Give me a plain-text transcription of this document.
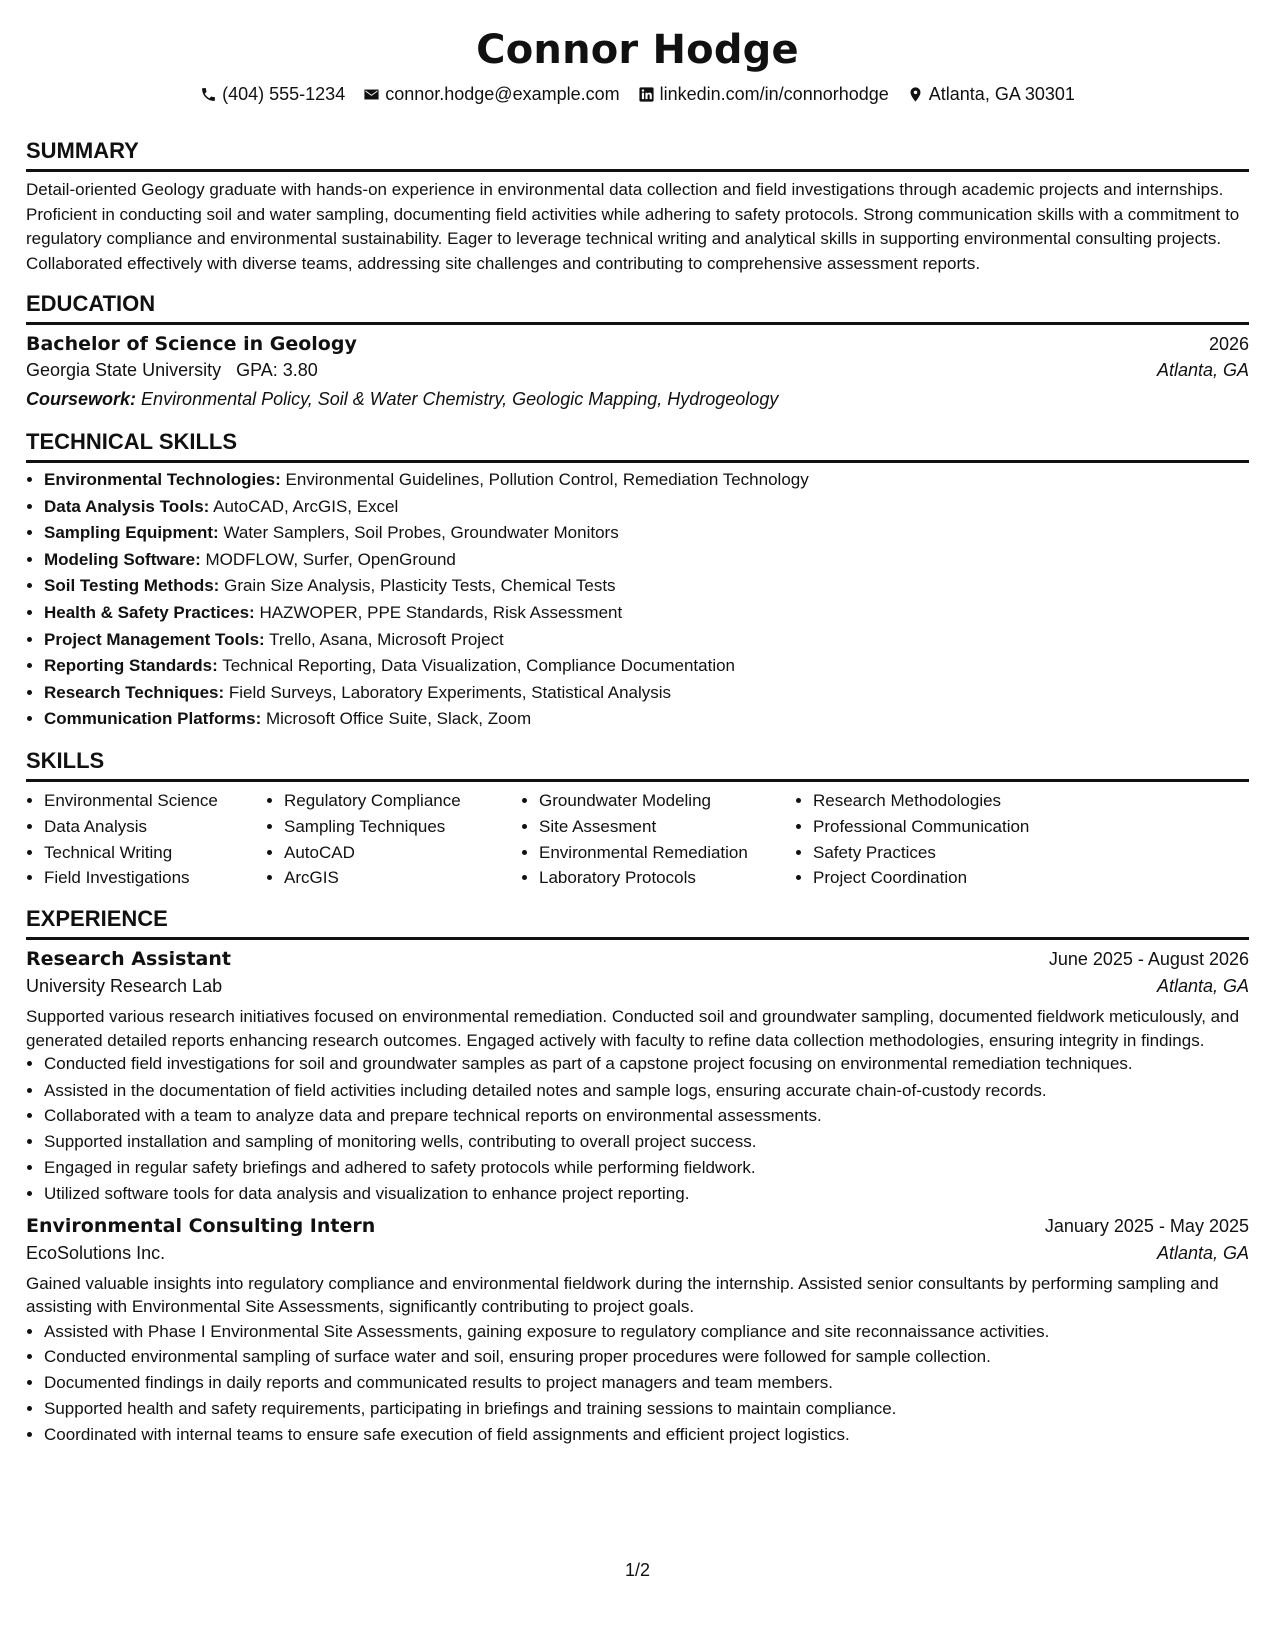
Connor Hodge
(404) 555-1234 connor.hodge@example.com linkedin.com/in/connorhodge Atlanta, GA 30301
SUMMARY
Detail-oriented Geology graduate with hands-on experience in environmental data collection and field investigations through academic projects and internships. Proficient in conducting soil and water sampling, documenting field activities while adhering to safety protocols. Strong communication skills with a commitment to regulatory compliance and environmental sustainability. Eager to leverage technical writing and analytical skills in supporting environmental consulting projects. Collaborated effectively with diverse teams, addressing site challenges and contributing to comprehensive assessment reports.
EDUCATION
Bachelor of Science in Geology	2026
Georgia State University GPA: 3.80	Atlanta, GA
Coursework: Environmental Policy, Soil & Water Chemistry, Geologic Mapping, Hydrogeology
TECHNICAL SKILLS
• Environmental Technologies: Environmental Guidelines, Pollution Control, Remediation Technology
• Data Analysis Tools: AutoCAD, ArcGIS, Excel
• Sampling Equipment: Water Samplers, Soil Probes, Groundwater Monitors
• Modeling Software: MODFLOW, Surfer, OpenGround
• Soil Testing Methods: Grain Size Analysis, Plasticity Tests, Chemical Tests
• Health & Safety Practices: HAZWOPER, PPE Standards, Risk Assessment
• Project Management Tools: Trello, Asana, Microsoft Project
• Reporting Standards: Technical Reporting, Data Visualization, Compliance Documentation
• Research Techniques: Field Surveys, Laboratory Experiments, Statistical Analysis
• Communication Platforms: Microsoft Office Suite, Slack, Zoom
SKILLS
• Environmental Science
• Data Analysis
• Technical Writing
• Field Investigations
• Regulatory Compliance
• Sampling Techniques
• AutoCAD
• ArcGIS
• Groundwater Modeling
• Site Assesment
• Environmental Remediation
• Laboratory Protocols
• Research Methodologies
• Professional Communication
• Safety Practices
• Project Coordination
EXPERIENCE
Research Assistant	June 2025 - August 2026
University Research Lab	Atlanta, GA
Supported various research initiatives focused on environmental remediation. Conducted soil and groundwater sampling, documented fieldwork meticulously, and generated detailed reports enhancing research outcomes. Engaged actively with faculty to refine data collection methodologies, ensuring integrity in findings.
• Conducted field investigations for soil and groundwater samples as part of a capstone project focusing on environmental remediation techniques.
• Assisted in the documentation of field activities including detailed notes and sample logs, ensuring accurate chain-of-custody records.
• Collaborated with a team to analyze data and prepare technical reports on environmental assessments.
• Supported installation and sampling of monitoring wells, contributing to overall project success.
• Engaged in regular safety briefings and adhered to safety protocols while performing fieldwork.
• Utilized software tools for data analysis and visualization to enhance project reporting.
Environmental Consulting Intern	January 2025 - May 2025
EcoSolutions Inc.	Atlanta, GA
Gained valuable insights into regulatory compliance and environmental fieldwork during the internship. Assisted senior consultants by performing sampling and assisting with Environmental Site Assessments, significantly contributing to project goals.
• Assisted with Phase I Environmental Site Assessments, gaining exposure to regulatory compliance and site reconnaissance activities.
• Conducted environmental sampling of surface water and soil, ensuring proper procedures were followed for sample collection.
• Documented findings in daily reports and communicated results to project managers and team members.
• Supported health and safety requirements, participating in briefings and training sessions to maintain compliance.
• Coordinated with internal teams to ensure safe execution of field assignments and efficient project logistics.
1/2
